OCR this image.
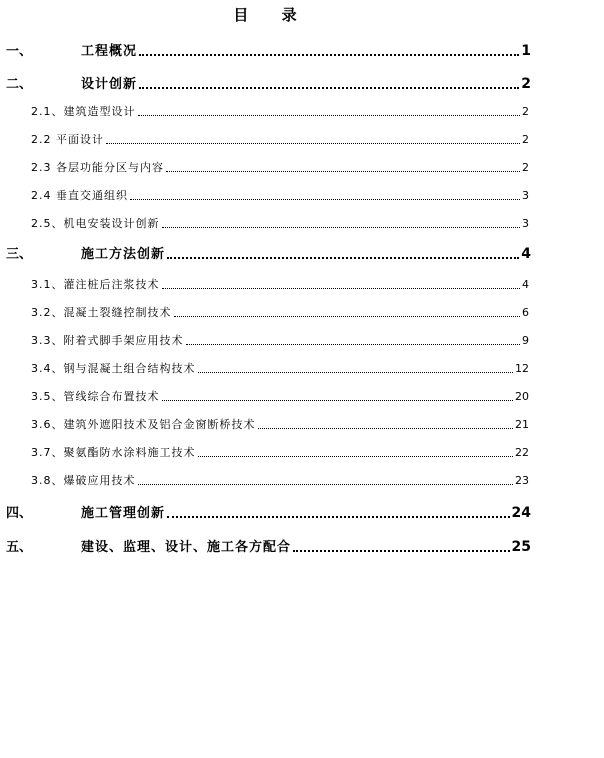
目 录
一、	工程概况	1
二、	设计创新	2
2.1、建筑造型设计	2
2.2 平面设计	2
2.3 各层功能分区与内容	2
2.4 垂直交通组织	3
2.5、机电安装设计创新	3
三、	施工方法创新	4
3.1、灌注桩后注浆技术	4
3.2、混凝土裂缝控制技术	6
3.3、附着式脚手架应用技术	9
3.4、钢与混凝土组合结构技术	12
3.5、管线综合布置技术	20
3.6、建筑外遮阳技术及铝合金窗断桥技术	21
3.7、聚氨酯防水涂料施工技术	22
3.8、爆破应用技术	23
四、	施工管理创新	24
五、	建设、监理、设计、施工各方配合	25
